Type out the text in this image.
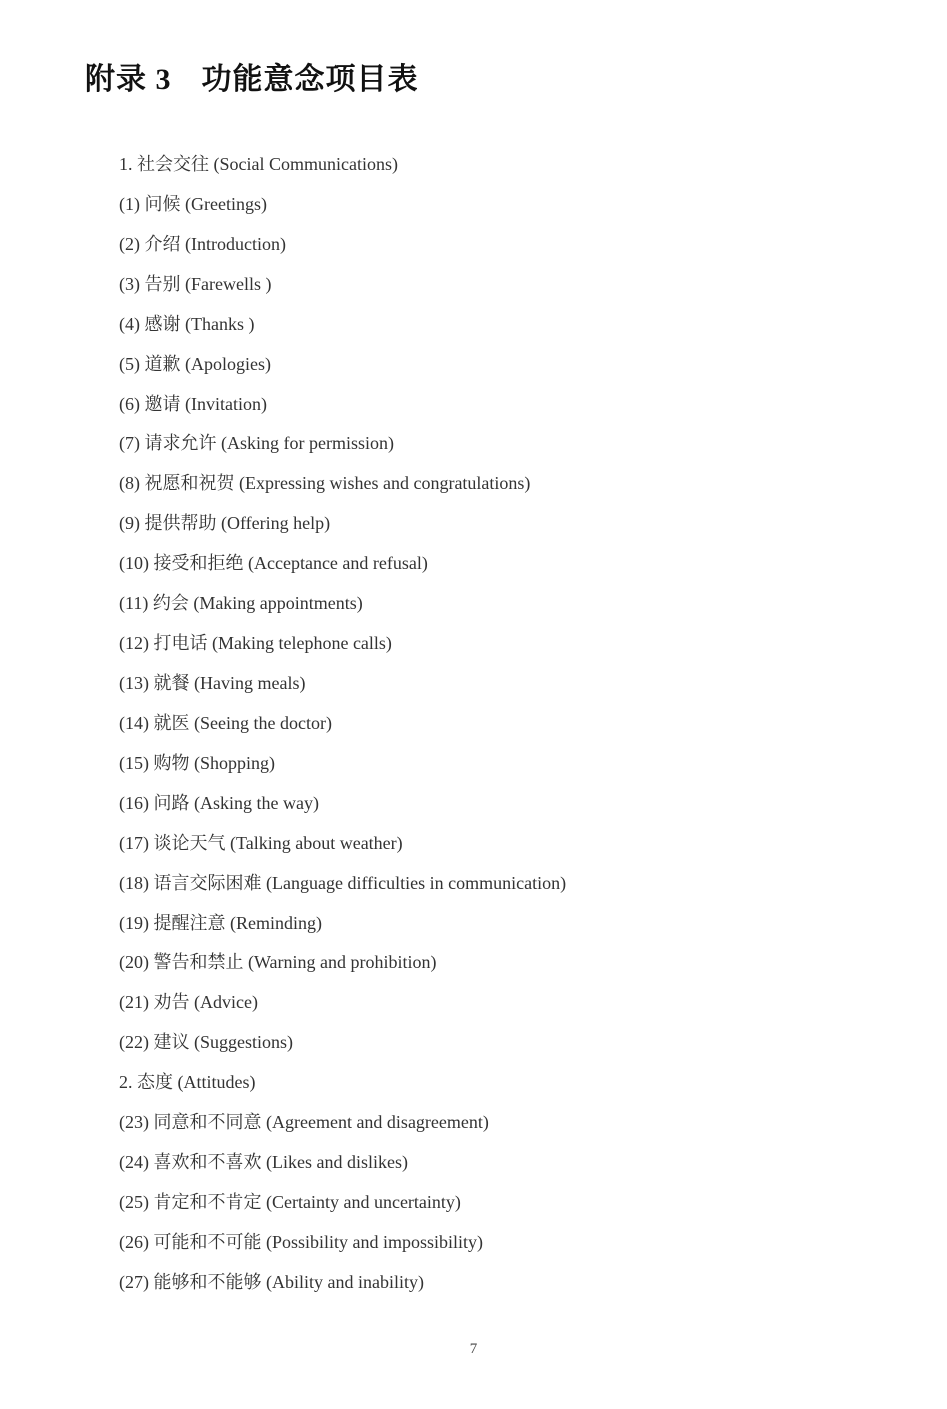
附录 3 功能意念项目表
1. 社会交往 (Social Communications)
(1) 问候 (Greetings)
(2) 介绍 (Introduction)
(3) 告别 (Farewells )
(4) 感谢 (Thanks )
(5) 道歉 (Apologies)
(6) 邀请 (Invitation)
(7) 请求允许 (Asking for permission)
(8) 祝愿和祝贺 (Expressing wishes and congratulations)
(9) 提供帮助 (Offering help)
(10) 接受和拒绝 (Acceptance and refusal)
(11) 约会 (Making appointments)
(12) 打电话 (Making telephone calls)
(13) 就餐 (Having meals)
(14) 就医 (Seeing the doctor)
(15) 购物 (Shopping)
(16) 问路 (Asking the way)
(17) 谈论天气 (Talking about weather)
(18) 语言交际困难 (Language difficulties in communication)
(19) 提醒注意 (Reminding)
(20) 警告和禁止 (Warning and prohibition)
(21) 劝告 (Advice)
(22) 建议 (Suggestions)
2. 态度 (Attitudes)
(23) 同意和不同意 (Agreement and disagreement)
(24) 喜欢和不喜欢 (Likes and dislikes)
(25) 肯定和不肯定 (Certainty and uncertainty)
(26) 可能和不可能 (Possibility and impossibility)
(27) 能够和不能够 (Ability and inability)
7
